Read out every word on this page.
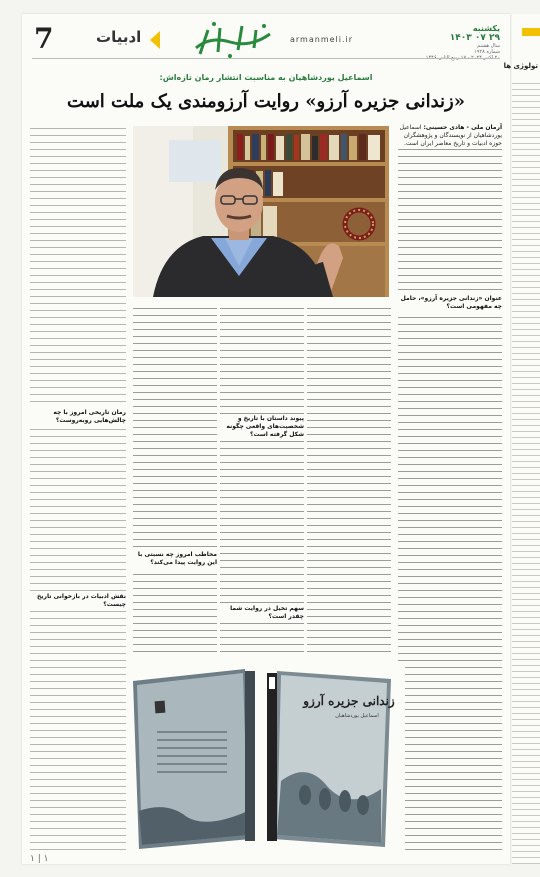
7	ادبیات	armanmeli.ir
یکشنبه
۲۹ ۰۷ ۱۴۰۳
سال هشتم
شماره ۱۹۲۸
اسماعیل یوردشاهیان به مناسبت انتشار رمان تازه‌اش:
«زندانی جزیره آرزو» روایت آرزومندی یک ملت است
آرمان ملی - هادی حسینی: اسماعیل یوردشاهیان از نویسندگان و پژوهشگران حوزه ادبیات و تاریخ معاصر ایران است.
عنوان «زندانی جزیره آرزو»، حامل چه مفهومی است؟
رمان تاریخی امروز با چه چالش‌هایی روبه‌روست؟
نقش ادبیات در بازخوانی تاریخ چیست؟
پیوند داستان با تاریخ و شخصیت‌های واقعی چگونه شکل گرفته است؟
سهم تخیل در روایت شما چقدر است؟
مخاطب امروز چه نسبتی با این روایت پیدا می‌کند؟
زندانی جزیره آرزو
اسماعیل یوردشاهیان
۱ | ۱
تولوژی ها
